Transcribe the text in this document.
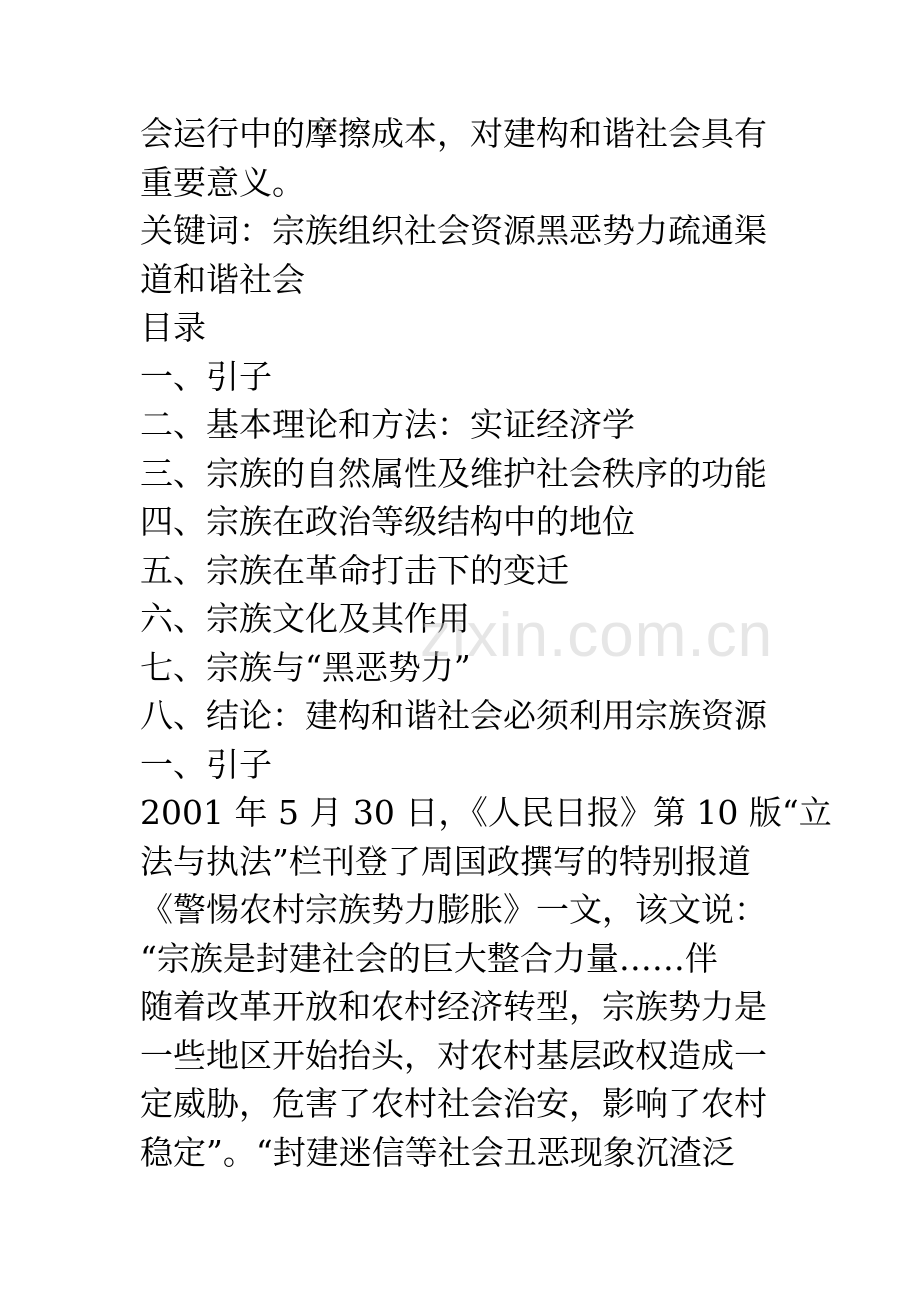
会运行中的摩擦成本，对建构和谐社会具有
重要意义。
关键词：宗族组织社会资源黑恶势力疏通渠
道和谐社会
目录
一、引子
二、基本理论和方法：实证经济学
三、宗族的自然属性及维护社会秩序的功能
四、宗族在政治等级结构中的地位
五、宗族在革命打击下的变迁
六、宗族文化及其作用
七、宗族与“黑恶势力”
八、结论：建构和谐社会必须利用宗族资源
一、引子
2001 年 5 月 30 日，《人民日报》第 10 版“立
法与执法”栏刊登了周国政撰写的特别报道
《警惕农村宗族势力膨胀》一文，该文说：
“宗族是封建社会的巨大整合力量……伴
随着改革开放和农村经济转型，宗族势力是
一些地区开始抬头，对农村基层政权造成一
定威胁，危害了农村社会治安，影响了农村
稳定”。“封建迷信等社会丑恶现象沉渣泛
zixin.com.cn
